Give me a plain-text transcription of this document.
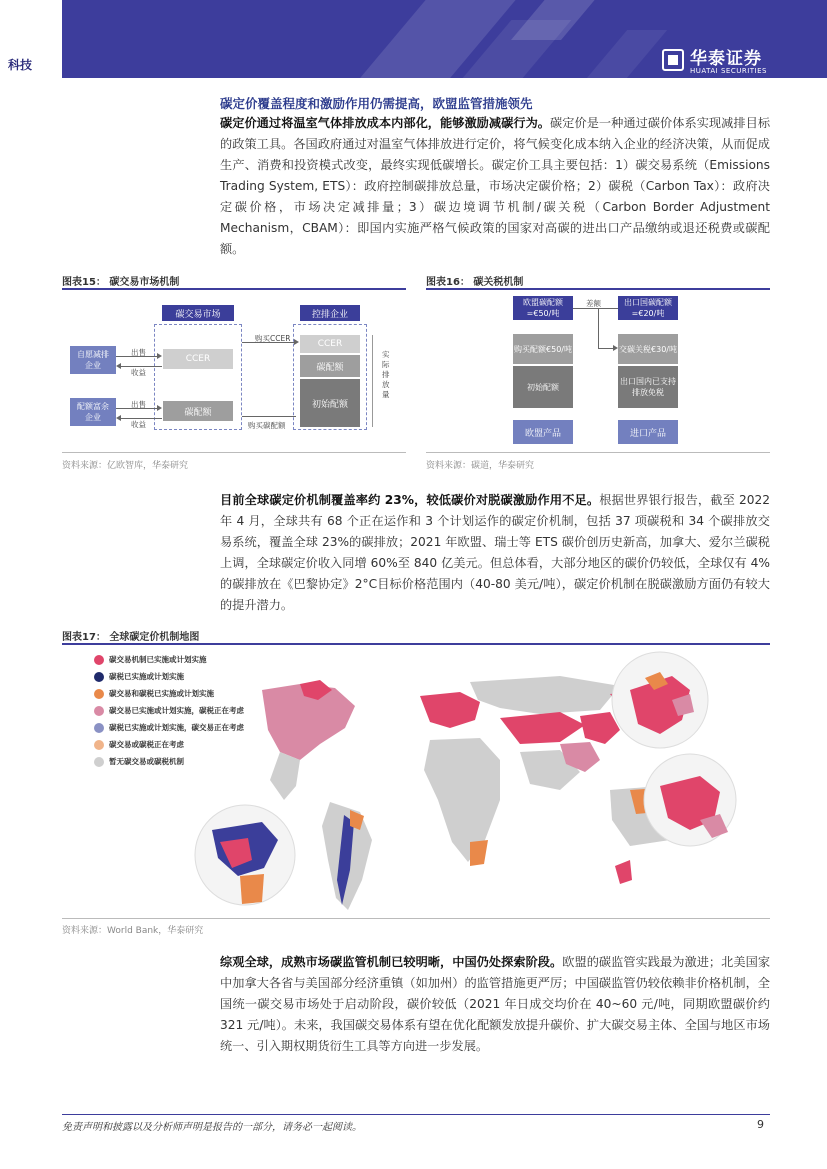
科技	华泰证券
HUATAI SECURITIES
碳定价覆盖程度和激励作用仍需提高，欧盟监管措施领先
碳定价通过将温室气体排放成本内部化，能够激励减碳行为。碳定价是一种通过碳价体系实现减排目标的政策工具。各国政府通过对温室气体排放进行定价，将气候变化成本纳入企业的经济决策，从而促成生产、消费和投资模式改变，最终实现低碳增长。碳定价工具主要包括：1）碳交易系统（Emissions Trading System, ETS）：政府控制碳排放总量，市场决定碳价格；2）碳税（Carbon Tax）：政府决定碳价格，市场决定减排量；3）碳边境调节机制/碳关税（Carbon Border Adjustment Mechanism，CBAM）：即国内实施严格气候政策的国家对高碳的进出口产品缴纳或退还税费或碳配额。
图表15： 碳交易市场机制
碳交易市场	控排企业
自愿减排企业
配额富余企业
CCER
碳配额
CCER
碳配额
初始配额
出售
收益
出售
收益
购买CCER
购买碳配额
实际排放量
资料来源：亿欧智库，华泰研究
图表16： 碳关税机制
欧盟碳配额=€50/吨
出口国碳配额=€20/吨
差额
购买配额€50/吨
初始配额
交碳关税€30/吨
出口国内已支持排放免税
欧盟产品	进口产品
资料来源：碳道，华泰研究
目前全球碳定价机制覆盖率约 23%，较低碳价对脱碳激励作用不足。根据世界银行报告，截至 2022 年 4 月，全球共有 68 个正在运作和 3 个计划运作的碳定价机制，包括 37 项碳税和 34 个碳排放交易系统，覆盖全球 23%的碳排放；2021 年欧盟、瑞士等 ETS 碳价创历史新高，加拿大、爱尔兰碳税上调，全球碳定价收入同增 60%至 840 亿美元。但总体看，大部分地区的碳价仍较低，全球仅有 4%的碳排放在《巴黎协定》2°C目标价格范围内（40-80 美元/吨），碳定价机制在脱碳激励方面仍有较大的提升潜力。
图表17： 全球碳定价机制地图
碳交易机制已实施或计划实施
碳税已实施或计划实施
碳交易和碳税已实施或计划实施
碳交易已实施或计划实施，碳税正在考虑
碳税已实施或计划实施，碳交易正在考虑
碳交易或碳税正在考虑
暂无碳交易或碳税机制
资料来源：World Bank，华泰研究
综观全球，成熟市场碳监管机制已较明晰，中国仍处探索阶段。欧盟的碳监管实践最为激进；北美国家中加拿大各省与美国部分经济重镇（如加州）的监管措施更严厉；中国碳监管仍较依赖非价格机制，全国统一碳交易市场处于启动阶段，碳价较低（2021 年日成交均价在 40~60 元/吨，同期欧盟碳价约 321 元/吨）。未来，我国碳交易体系有望在优化配额发放提升碳价、扩大碳交易主体、全国与地区市场统一、引入期权期货衍生工具等方向进一步发展。
免责声明和披露以及分析师声明是报告的一部分，请务必一起阅读。	9
